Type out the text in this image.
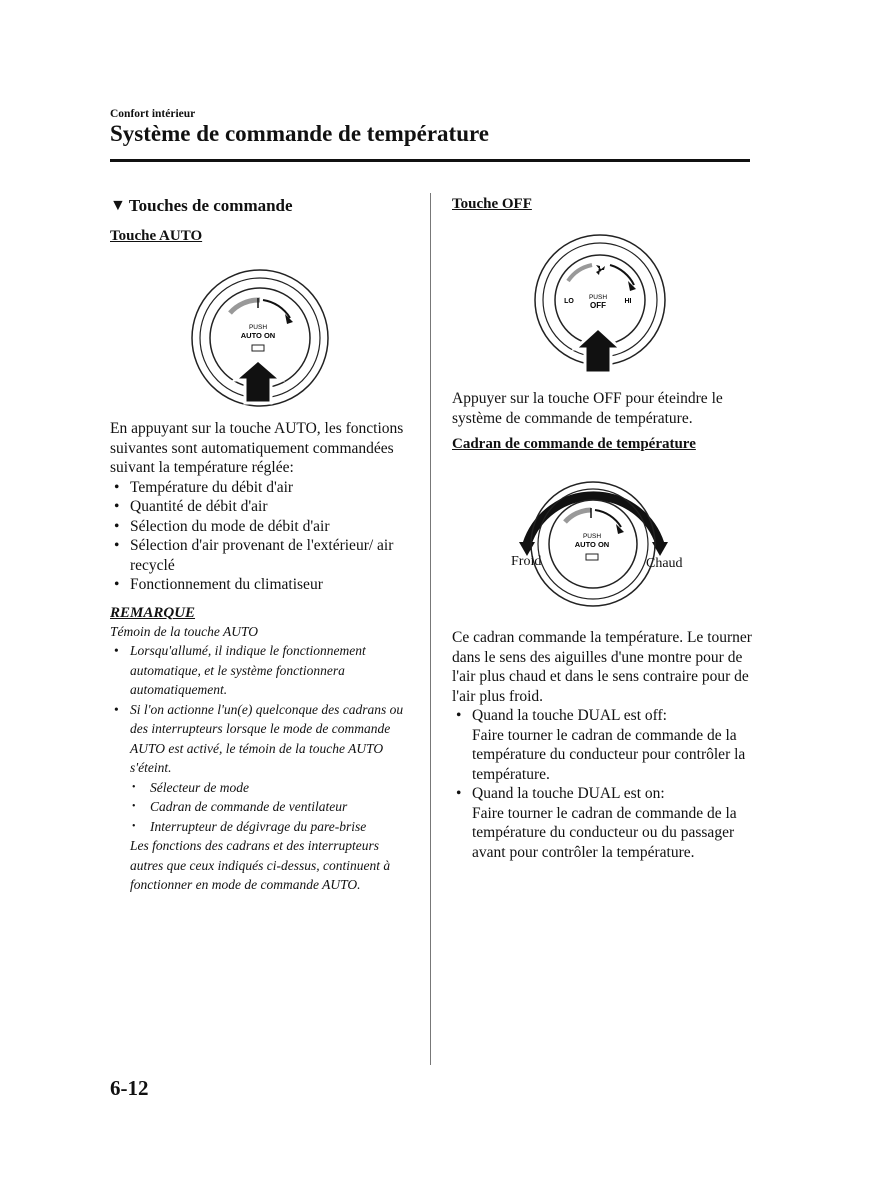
Confort intérieur
Système de commande de température
▼ Touches de commande

Touche AUTO

PUSH
AUTO ON

En appuyant sur la touche AUTO, les fonctions suivantes sont automatiquement commandées suivant la température réglée:

• Température du débit d'air
• Quantité de débit d'air
• Sélection du mode de débit d'air
• Sélection d'air provenant de l'extérieur/ air recyclé
• Fonctionnement du climatiseur

REMARQUE

Témoin de la touche AUTO

• Lorsqu'allumé, il indique le fonctionnement automatique, et le système fonctionnera automatiquement.
• Si l'on actionne l'un(e) quelconque des cadrans ou des interrupteurs lorsque le mode de commande AUTO est activé, le témoin de la touche AUTO s'éteint.
• Sélecteur de mode
• Cadran de commande de ventilateur
• Interrupteur de dégivrage du pare-brise

Les fonctions des cadrans et des interrupteurs autres que ceux indiqués ci-dessus, continuent à fonctionner en mode de commande AUTO.

Touche OFF

LO
PUSH
OFF	HI

Appuyer sur la touche OFF pour éteindre le système de commande de température.

Cadran de commande de température

PUSH
AUTO ON
Froid	Chaud

Ce cadran commande la température. Le tourner dans le sens des aiguilles d'une montre pour de l'air plus chaud et dans le sens contraire pour de l'air plus froid.

• Quand la touche DUAL est off:
Faire tourner le cadran de commande de la température du conducteur pour contrôler la température.
• Quand la touche DUAL est on:
Faire tourner le cadran de commande de la température du conducteur ou du passager avant pour contrôler la température.
6-12
